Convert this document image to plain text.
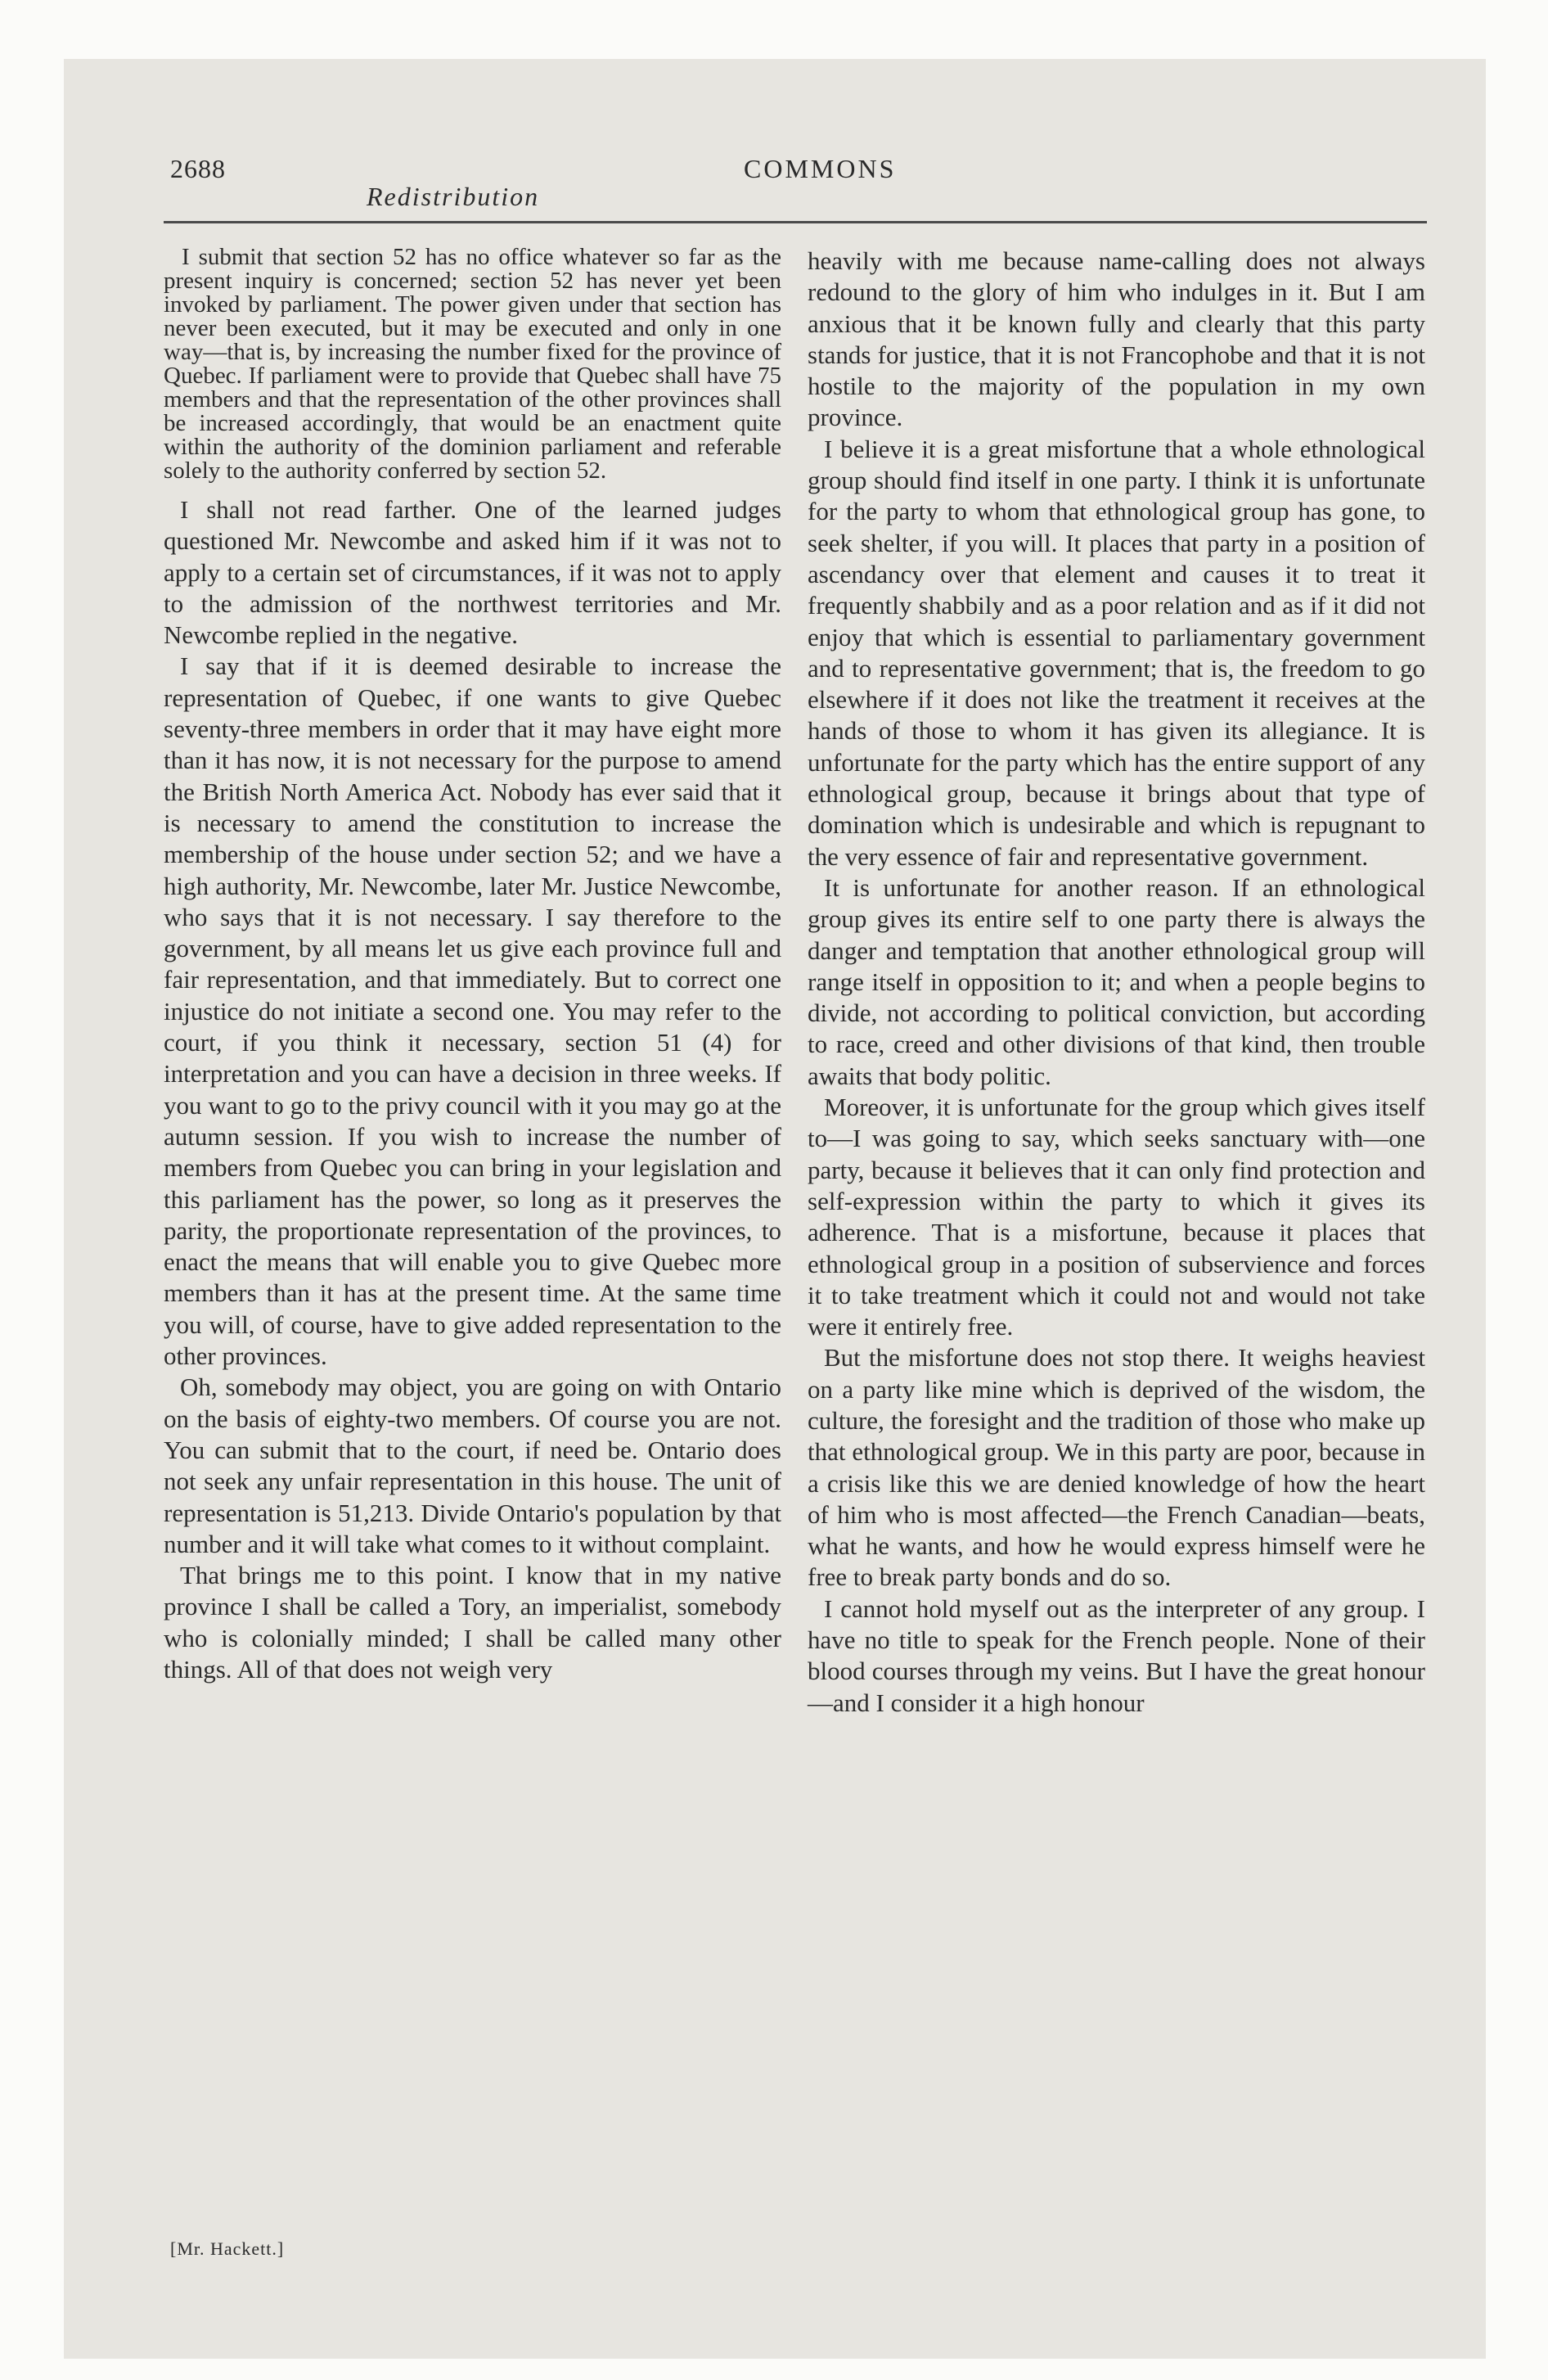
2688
Redistribution
COMMONS

I submit that section 52 has no office whatever so far as the present inquiry is concerned; section 52 has never yet been invoked by parliament. The power given under that section has never been executed, but it may be executed and only in one way—that is, by increasing the number fixed for the province of Quebec. If parliament were to provide that Quebec shall have 75 members and that the representation of the other provinces shall be increased accordingly, that would be an enactment quite within the authority of the dominion parliament and referable solely to the authority conferred by section 52.

I shall not read farther. One of the learned judges questioned Mr. Newcombe and asked him if it was not to apply to a certain set of circumstances, if it was not to apply to the admission of the northwest territories and Mr. Newcombe replied in the negative.

I say that if it is deemed desirable to increase the representation of Quebec, if one wants to give Quebec seventy-three members in order that it may have eight more than it has now, it is not necessary for the purpose to amend the British North America Act. Nobody has ever said that it is necessary to amend the constitution to increase the membership of the house under section 52; and we have a high authority, Mr. Newcombe, later Mr. Justice Newcombe, who says that it is not necessary. I say therefore to the government, by all means let us give each province full and fair representation, and that immediately. But to correct one injustice do not initiate a second one. You may refer to the court, if you think it necessary, section 51 (4) for interpretation and you can have a decision in three weeks. If you want to go to the privy council with it you may go at the autumn session. If you wish to increase the number of members from Quebec you can bring in your legislation and this parliament has the power, so long as it preserves the parity, the proportionate representation of the provinces, to enact the means that will enable you to give Quebec more members than it has at the present time. At the same time you will, of course, have to give added representation to the other provinces.

Oh, somebody may object, you are going on with Ontario on the basis of eighty-two members. Of course you are not. You can submit that to the court, if need be. Ontario does not seek any unfair representation in this house. The unit of representation is 51,213. Divide Ontario's population by that number and it will take what comes to it without complaint.

That brings me to this point. I know that in my native province I shall be called a Tory, an imperialist, somebody who is colonially minded; I shall be called many other things. All of that does not weigh very

heavily with me because name-calling does not always redound to the glory of him who indulges in it. But I am anxious that it be known fully and clearly that this party stands for justice, that it is not Francophobe and that it is not hostile to the majority of the population in my own province.

I believe it is a great misfortune that a whole ethnological group should find itself in one party. I think it is unfortunate for the party to whom that ethnological group has gone, to seek shelter, if you will. It places that party in a position of ascendancy over that element and causes it to treat it frequently shabbily and as a poor relation and as if it did not enjoy that which is essential to parliamentary government and to representative government; that is, the freedom to go elsewhere if it does not like the treatment it receives at the hands of those to whom it has given its allegiance. It is unfortunate for the party which has the entire support of any ethnological group, because it brings about that type of domination which is undesirable and which is repugnant to the very essence of fair and representative government.

It is unfortunate for another reason. If an ethnological group gives its entire self to one party there is always the danger and temptation that another ethnological group will range itself in opposition to it; and when a people begins to divide, not according to political conviction, but according to race, creed and other divisions of that kind, then trouble awaits that body politic.

Moreover, it is unfortunate for the group which gives itself to—I was going to say, which seeks sanctuary with—one party, because it believes that it can only find protection and self-expression within the party to which it gives its adherence. That is a misfortune, because it places that ethnological group in a position of subservience and forces it to take treatment which it could not and would not take were it entirely free.

But the misfortune does not stop there. It weighs heaviest on a party like mine which is deprived of the wisdom, the culture, the foresight and the tradition of those who make up that ethnological group. We in this party are poor, because in a crisis like this we are denied knowledge of how the heart of him who is most affected—the French Canadian—beats, what he wants, and how he would express himself were he free to break party bonds and do so.

I cannot hold myself out as the interpreter of any group. I have no title to speak for the French people. None of their blood courses through my veins. But I have the great honour—and I consider it a high honour

[Mr. Hackett.]
